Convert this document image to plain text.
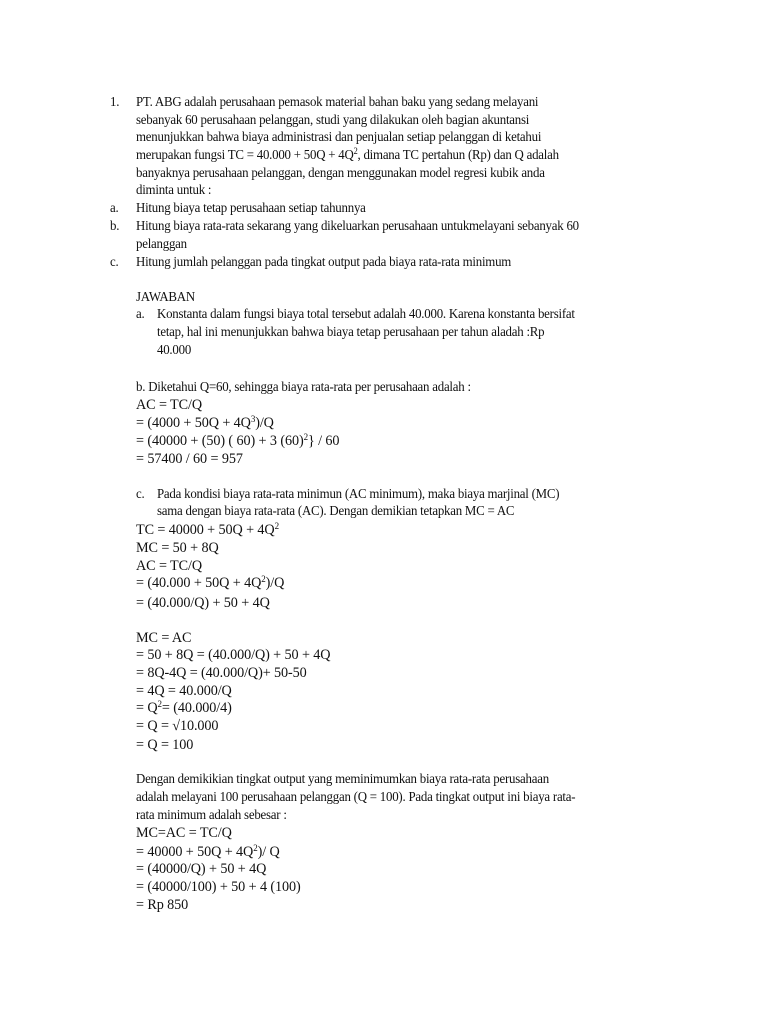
1. PT. ABG adalah perusahaan pemasok material bahan baku yang sedang melayani
sebanyak 60 perusahaan pelanggan, studi yang dilakukan oleh bagian akuntansi
menunjukkan bahwa biaya administrasi dan penjualan setiap pelanggan di ketahui
merupakan fungsi TC = $40.000 + 50Q + 4Q^2$, dimana TC pertahun (Rp) dan Q adalah
banyaknya perusahaan pelanggan, dengan menggunakan model regresi kubik anda
diminta untuk :
a. Hitung biaya tetap perusahaan setiap tahunnya
b. Hitung biaya rata-rata sekarang yang dikeluarkan perusahaan untukmelayani sebanyak 60
pelanggan
c. Hitung jumlah pelanggan pada tingkat output pada biaya rata-rata minimum
JAWABAN
a. Konstanta dalam fungsi biaya total tersebut adalah 40.000. Karena konstanta bersifat
tetap, hal ini menunjukkan bahwa biaya tetap perusahaan per tahun aladah :Rp
40.000
b. Diketahui Q=60, sehingga biaya rata-rata per perusahaan adalah :
AC = TC/Q
= $(4000 + 50Q + 4Q^3)/Q$
= (40000 + (50) ( 60) + 3 $(60)^2\} / 60$
= 57400 / 60 = 957
c. Pada kondisi biaya rata-rata minimun (AC minimum), maka biaya marjinal (MC)
sama dengan biaya rata-rata (AC). Dengan demikian tetapkan MC = AC
TC = $40000 + 50Q + 4Q^2$
MC = 50 + 8Q
AC = TC/Q
= $(40.000 + 50Q + 4Q^2)/Q$
= (40.000/Q) + 50 + 4Q
MC = AC
= 50 + 8Q = (40.000/Q) + 50 + 4Q
= 8Q-4Q = (40.000/Q)+ 50-50
= 4Q = 40.000/Q
= $Q^2= (40.000/4)$
= Q = √10.000
= Q = 100
Dengan demikikian tingkat output yang meminimumkan biaya rata-rata perusahaan
adalah melayani 100 perusahaan pelanggan (Q = 100). Pada tingkat output ini biaya rata-
rata minimum adalah sebesar :
MC=AC = TC/Q
= $40000 + 50Q + 4Q^2)/$ Q
= (40000/Q) + 50 + 4Q
= (40000/100) + 50 + 4 (100)
= Rp 850
